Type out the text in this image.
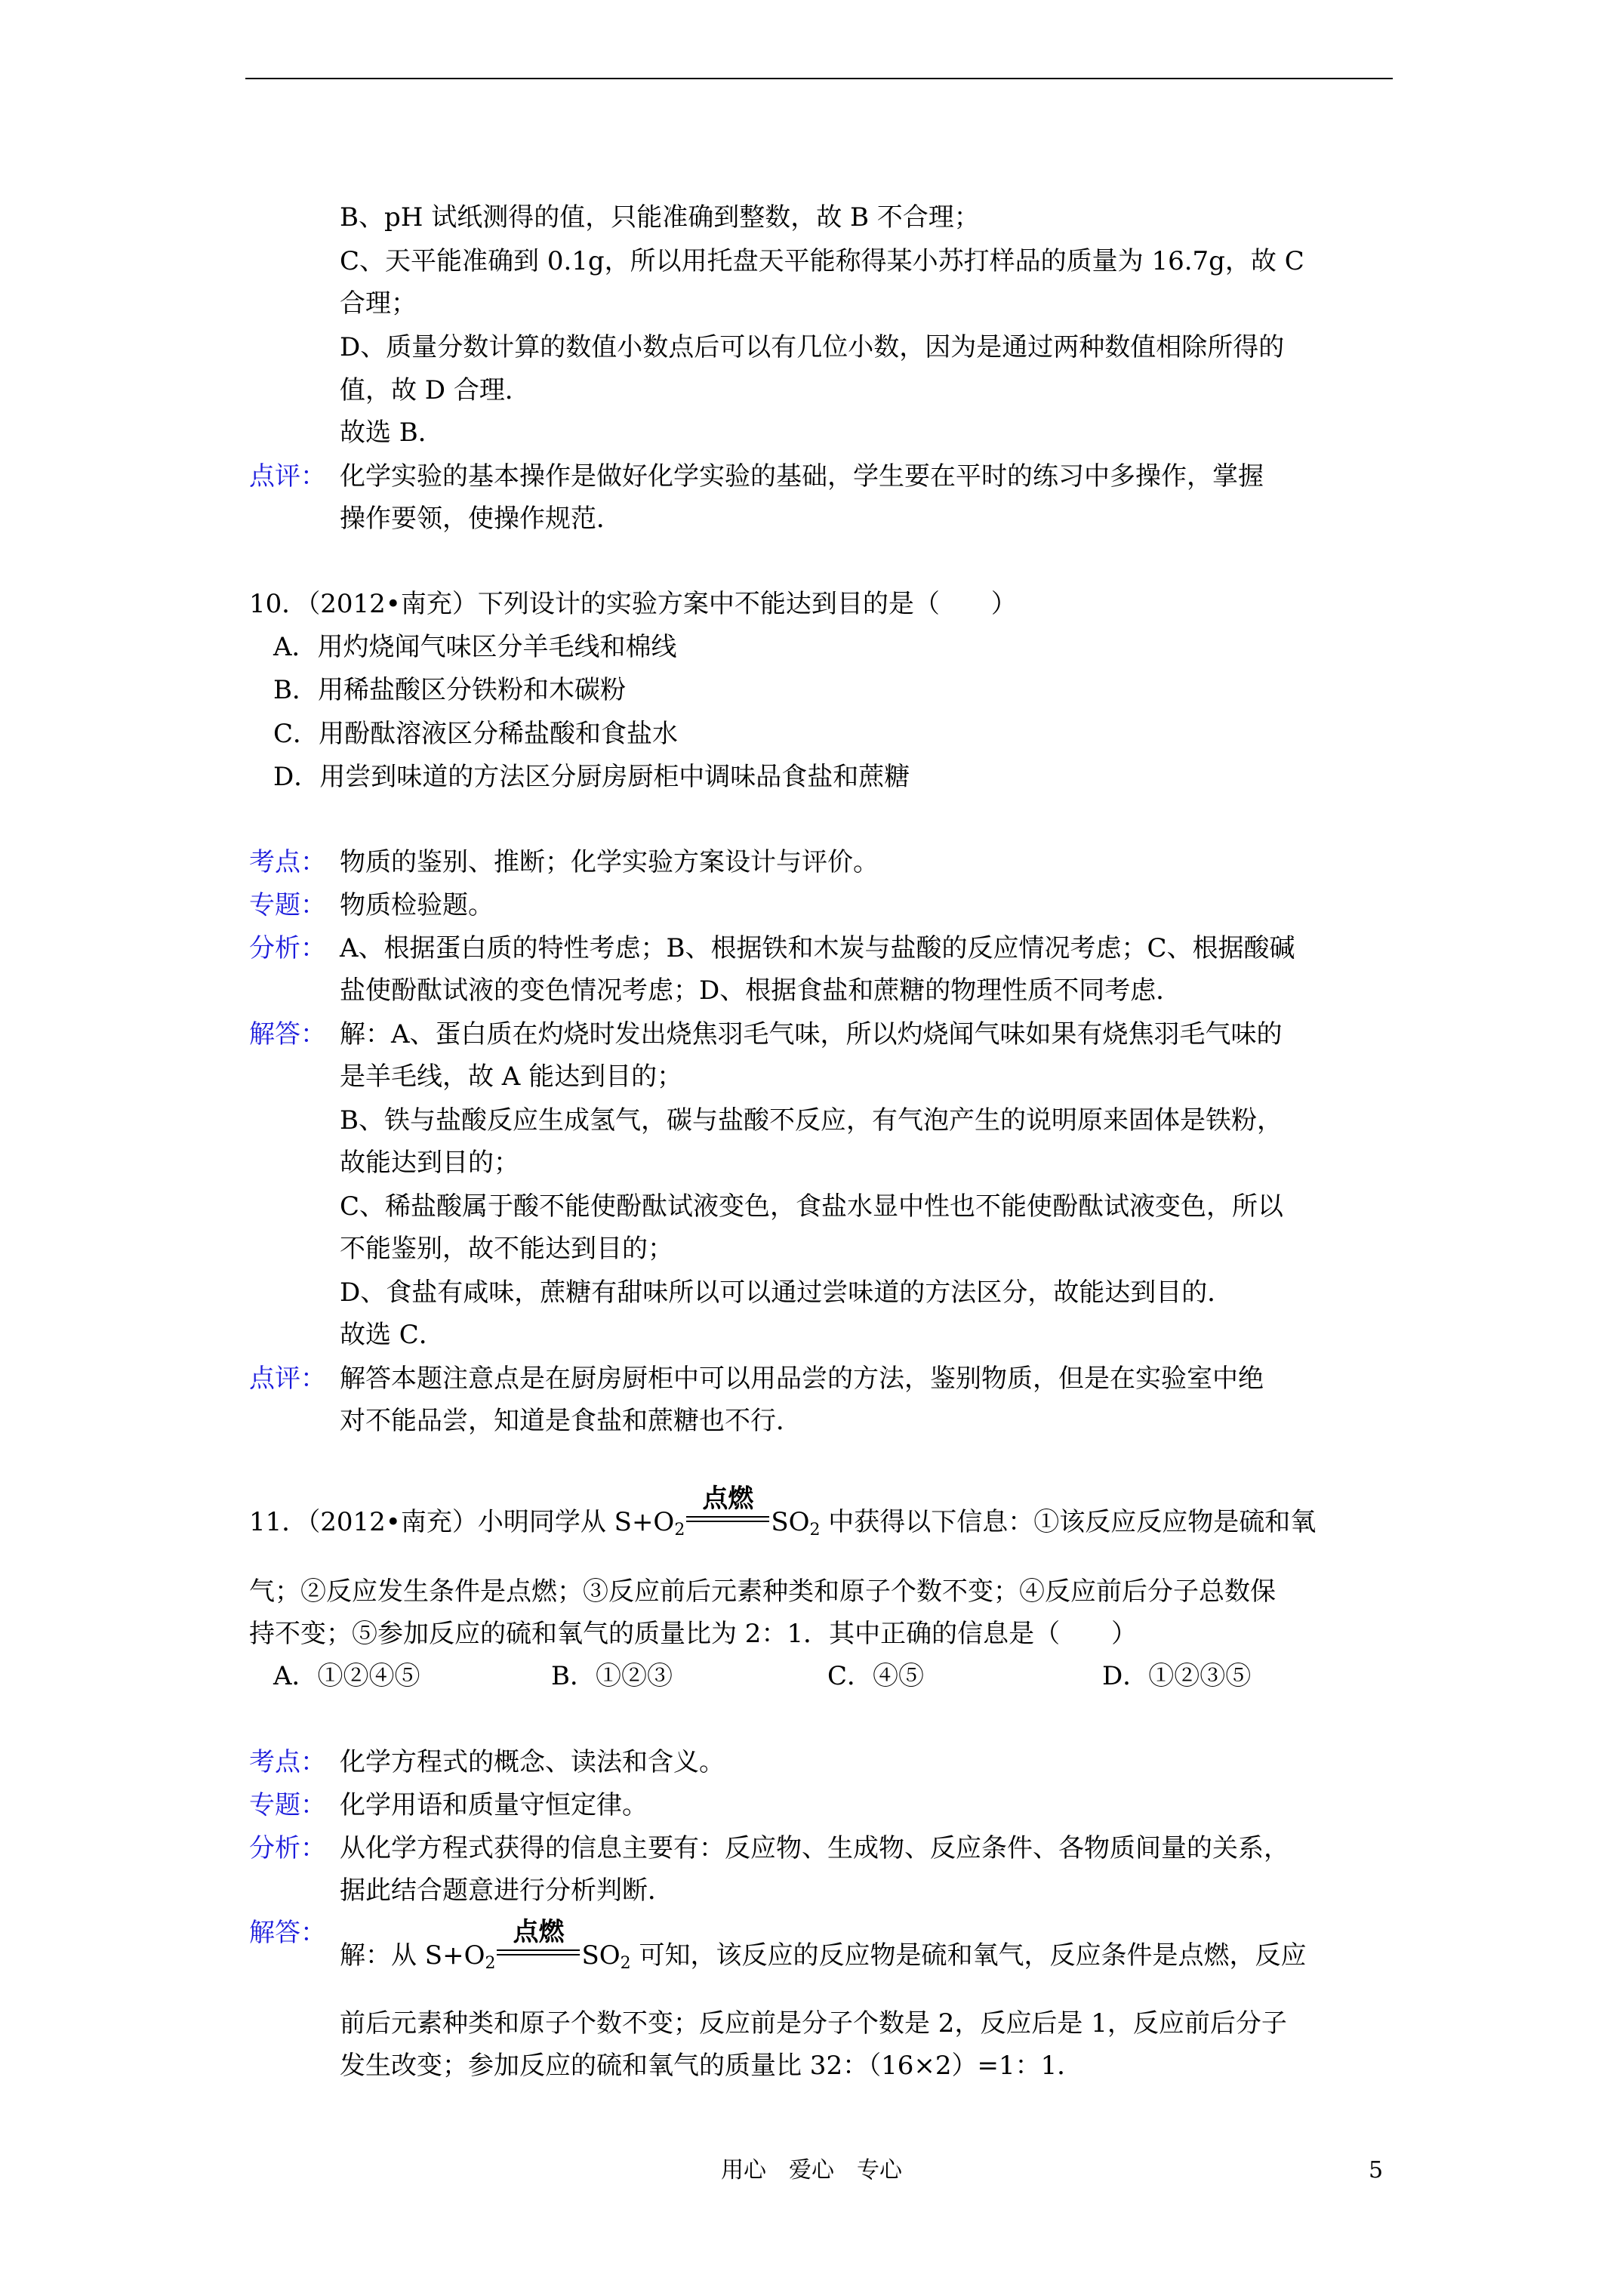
B、pH 试纸测得的值，只能准确到整数，故 B 不合理；
C、天平能准确到 0.1g，所以用托盘天平能称得某小苏打样品的质量为 16.7g，故 C
合理；
D、质量分数计算的数值小数点后可以有几位小数，因为是通过两种数值相除所得的
值，故 D 合理．
故选 B．
点评： 化学实验的基本操作是做好化学实验的基础，学生要在平时的练习中多操作，掌握
操作要领，使操作规范．
10．（2012•南充）下列设计的实验方案中不能达到目的是（　　）
A．用灼烧闻气味区分羊毛线和棉线
B．用稀盐酸区分铁粉和木碳粉
C．用酚酞溶液区分稀盐酸和食盐水
D．用尝到味道的方法区分厨房厨柜中调味品食盐和蔗糖
考点： 物质的鉴别、推断；化学实验方案设计与评价。
专题： 物质检验题。
分析： A、根据蛋白质的特性考虑；B、根据铁和木炭与盐酸的反应情况考虑；C、根据酸碱
盐使酚酞试液的变色情况考虑；D、根据食盐和蔗糖的物理性质不同考虑．
解答： 解：A、蛋白质在灼烧时发出烧焦羽毛气味，所以灼烧闻气味如果有烧焦羽毛气味的
是羊毛线，故 A 能达到目的；
B、铁与盐酸反应生成氢气，碳与盐酸不反应，有气泡产生的说明原来固体是铁粉，
故能达到目的；
C、稀盐酸属于酸不能使酚酞试液变色，食盐水显中性也不能使酚酞试液变色，所以
不能鉴别，故不能达到目的；
D、食盐有咸味，蔗糖有甜味所以可以通过尝味道的方法区分，故能达到目的．
故选 C．
点评： 解答本题注意点是在厨房厨柜中可以用品尝的方法，鉴别物质，但是在实验室中绝
对不能品尝，知道是食盐和蔗糖也不行．
11．（2012•南充）小明同学从 $S+O_2$
点燃
$SO_2$ 中获得以下信息：①该反应反应物是硫和氧
气；②反应发生条件是点燃；③反应前后元素种类和原子个数不变；④反应前后分子总数保
持不变；⑤参加反应的硫和氧气的质量比为 2：1．其中正确的信息是（　　）
A．①②④⑤	B．①②③	C．④⑤	D．①②③⑤
考点： 化学方程式的概念、读法和含义。
专题： 化学用语和质量守恒定律。
分析： 从化学方程式获得的信息主要有：反应物、生成物、反应条件、各物质间量的关系，
据此结合题意进行分析判断．
解答：
解：从 $S+O_2$
点燃
$SO_2$ 可知，该反应的反应物是硫和氧气，反应条件是点燃，反应
前后元素种类和原子个数不变；反应前是分子个数是 2，反应后是 1，反应前后分子
发生改变；参加反应的硫和氧气的质量比 32：（16×2）=1：1．
用心　爱心　专心	5
